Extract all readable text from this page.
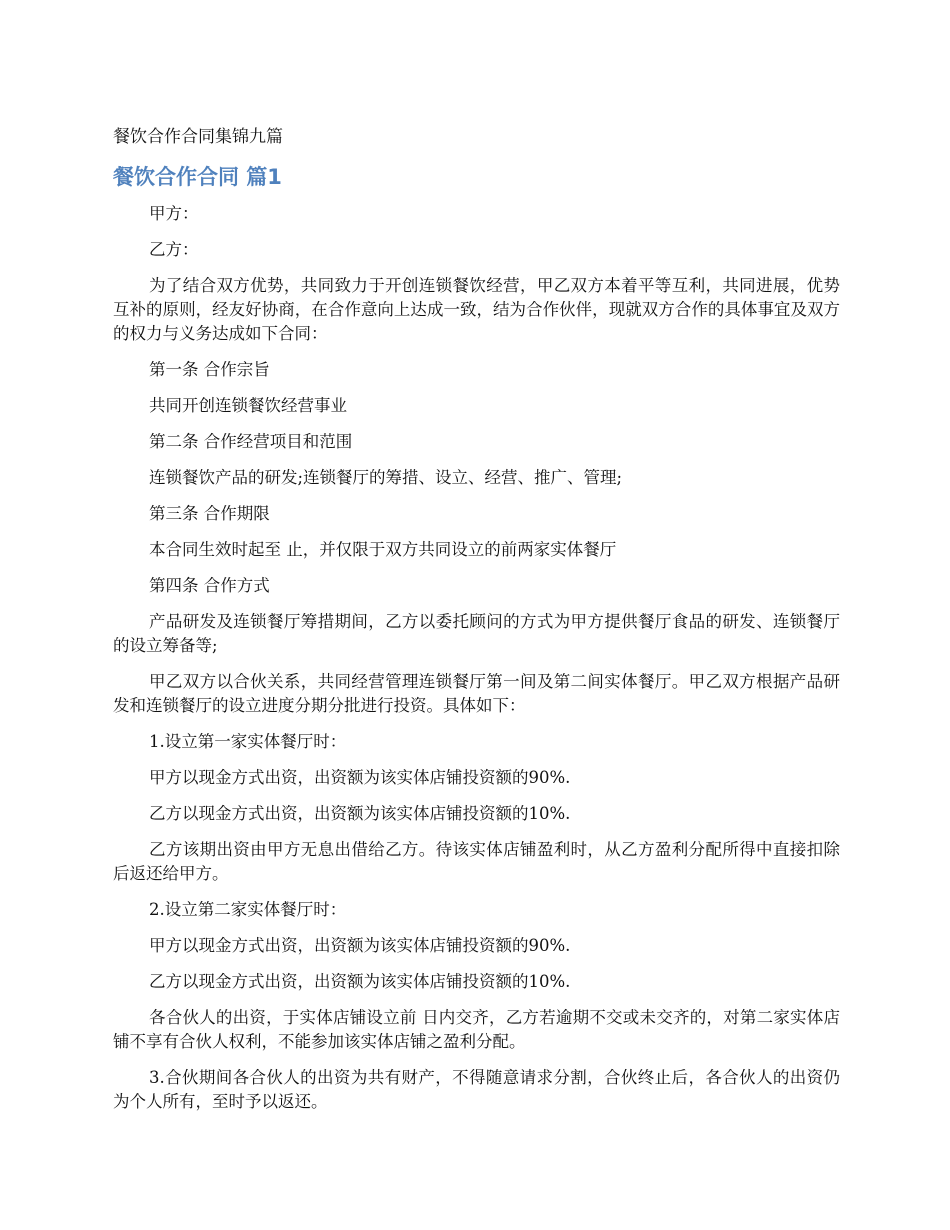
餐饮合作合同集锦九篇
餐饮合作合同 篇1

甲方：

乙方：

为了结合双方优势，共同致力于开创连锁餐饮经营，甲乙双方本着平等互利，共同进展，优势互补的原则，经友好协商，在合作意向上达成一致，结为合作伙伴，现就双方合作的具体事宜及双方的权力与义务达成如下合同：

第一条 合作宗旨

共同开创连锁餐饮经营事业

第二条 合作经营项目和范围

连锁餐饮产品的研发;连锁餐厅的筹措、设立、经营、推广、管理;

第三条 合作期限

本合同生效时起至 止，并仅限于双方共同设立的前两家实体餐厅

第四条 合作方式

产品研发及连锁餐厅筹措期间，乙方以委托顾问的方式为甲方提供餐厅食品的研发、连锁餐厅的设立筹备等;

甲乙双方以合伙关系，共同经营管理连锁餐厅第一间及第二间实体餐厅。甲乙双方根据产品研发和连锁餐厅的设立进度分期分批进行投资。具体如下：

1.设立第一家实体餐厅时：

甲方以现金方式出资，出资额为该实体店铺投资额的90%.

乙方以现金方式出资，出资额为该实体店铺投资额的10%.

乙方该期出资由甲方无息出借给乙方。待该实体店铺盈利时，从乙方盈利分配所得中直接扣除后返还给甲方。

2.设立第二家实体餐厅时：

甲方以现金方式出资，出资额为该实体店铺投资额的90%.

乙方以现金方式出资，出资额为该实体店铺投资额的10%.

各合伙人的出资，于实体店铺设立前 日内交齐，乙方若逾期不交或未交齐的，对第二家实体店铺不享有合伙人权利，不能参加该实体店铺之盈利分配。

3.合伙期间各合伙人的出资为共有财产，不得随意请求分割，合伙终止后，各合伙人的出资仍为个人所有，至时予以返还。
